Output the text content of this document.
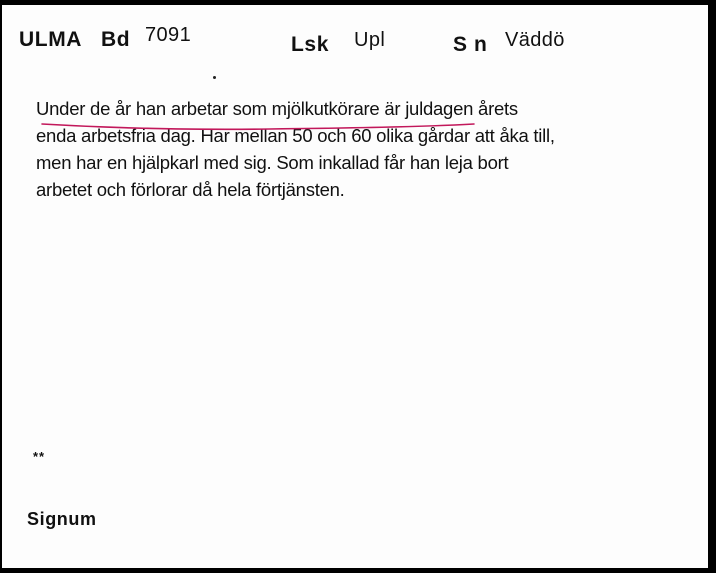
ULMA Bd 7091	Lsk Upl	S n Väddö

Under de år han arbetar som mjölkutkörare är juldagen årets
enda arbetsfria dag. Har mellan 50 och 60 olika gårdar att åka till,
men har en hjälpkarl med sig. Som inkallad får han leja bort
arbetet och förlorar då hela förtjänsten.

**
Signum
